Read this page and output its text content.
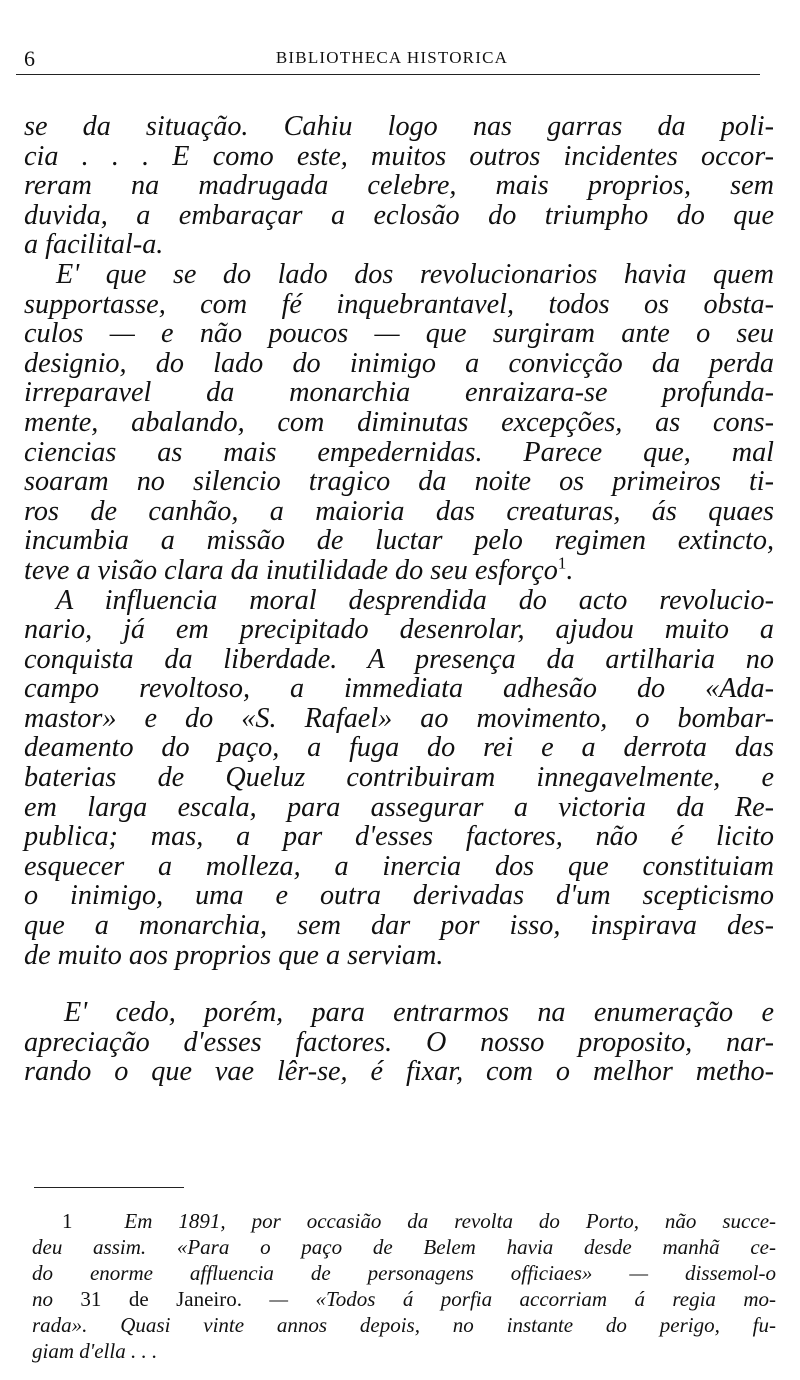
6	BIBLIOTHECA HISTORICA
se da situação. Cahiu logo nas garras da poli-
cia . . . E como este, muitos outros incidentes occor-
reram na madrugada celebre, mais proprios, sem
duvida, a embaraçar a eclosão do triumpho do que
a facilital-a.
E' que se do lado dos revolucionarios havia quem
supportasse, com fé inquebrantavel, todos os obsta-
culos — e não poucos — que surgiram ante o seu
designio, do lado do inimigo a convicção da perda
irreparavel da monarchia enraizara-se profunda-
mente, abalando, com diminutas excepções, as cons-
ciencias as mais empedernidas. Parece que, mal
soaram no silencio tragico da noite os primeiros ti-
ros de canhão, a maioria das creaturas, ás quaes
incumbia a missão de luctar pelo regimen extincto,
teve a visão clara da inutilidade do seu esforço$^1$.
A influencia moral desprendida do acto revolucio-
nario, já em precipitado desenrolar, ajudou muito a
conquista da liberdade. A presença da artilharia no
campo revoltoso, a immediata adhesão do «Ada-
mastor» e do «S. Rafael» ao movimento, o bombar-
deamento do paço, a fuga do rei e a derrota das
baterias de Queluz contribuiram innegavelmente, e
em larga escala, para assegurar a victoria da Re-
publica; mas, a par d'esses factores, não é licito
esquecer a molleza, a inercia dos que constituiam
o inimigo, uma e outra derivadas d'um scepticismo
que a monarchia, sem dar por isso, inspirava des-
de muito aos proprios que a serviam.
E' cedo, porém, para entrarmos na enumeração e
apreciação d'esses factores. O nosso proposito, nar-
rando o que vae lêr-se, é fixar, com o melhor metho-
1 Em 1891, por occasião da revolta do Porto, não succe-
deu assim. «Para o paço de Belem havia desde manhã ce-
do enorme affluencia de personagens officiaes» — dissemol-o
no 31 de Janeiro. — «Todos á porfia accorriam á regia mo-
rada». Quasi vinte annos depois, no instante do perigo, fu-
giam d'ella . . .
